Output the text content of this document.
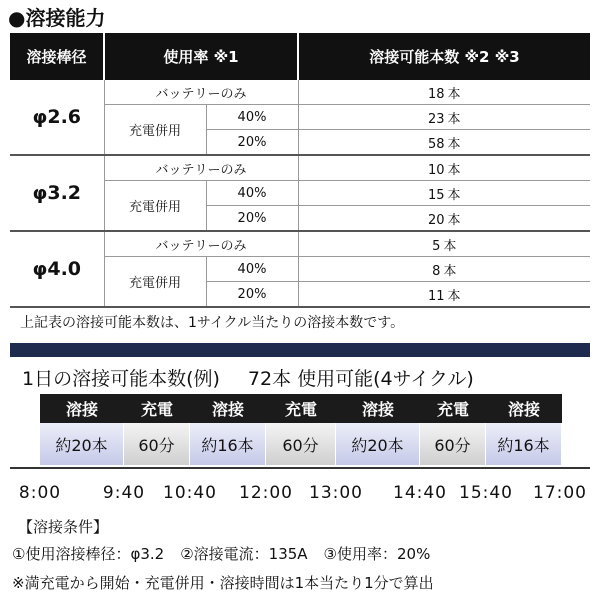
●溶接能力
溶接棒径	使用率 ※1		溶接可能本数 ※2 ※3
φ2.6	バッテリーのみ		18 本
	充電併用	40%	23 本
		20%	58 本
φ3.2	バッテリーのみ		10 本
	充電併用	40%	15 本
		20%	20 本
φ4.0	バッテリーのみ		5 本
	充電併用	40%	8 本
		20%	11 本
上記表の溶接可能本数は、1サイクル当たりの溶接本数です。			
1日の溶接可能本数(例) 72本 使用可能(4サイクル)
溶接	充電	溶接	充電	溶接	充電	溶接
約20本	60分	約16本	60分	約20本	60分	約16本
8:00 9:40 10:40 12:00 13:00 14:40 15:40 17:00
【溶接条件】
①使用溶接棒径：φ3.2 ②溶接電流：135A ③使用率：20%
※満充電から開始・充電併用・溶接時間は1本当たり1分で算出
